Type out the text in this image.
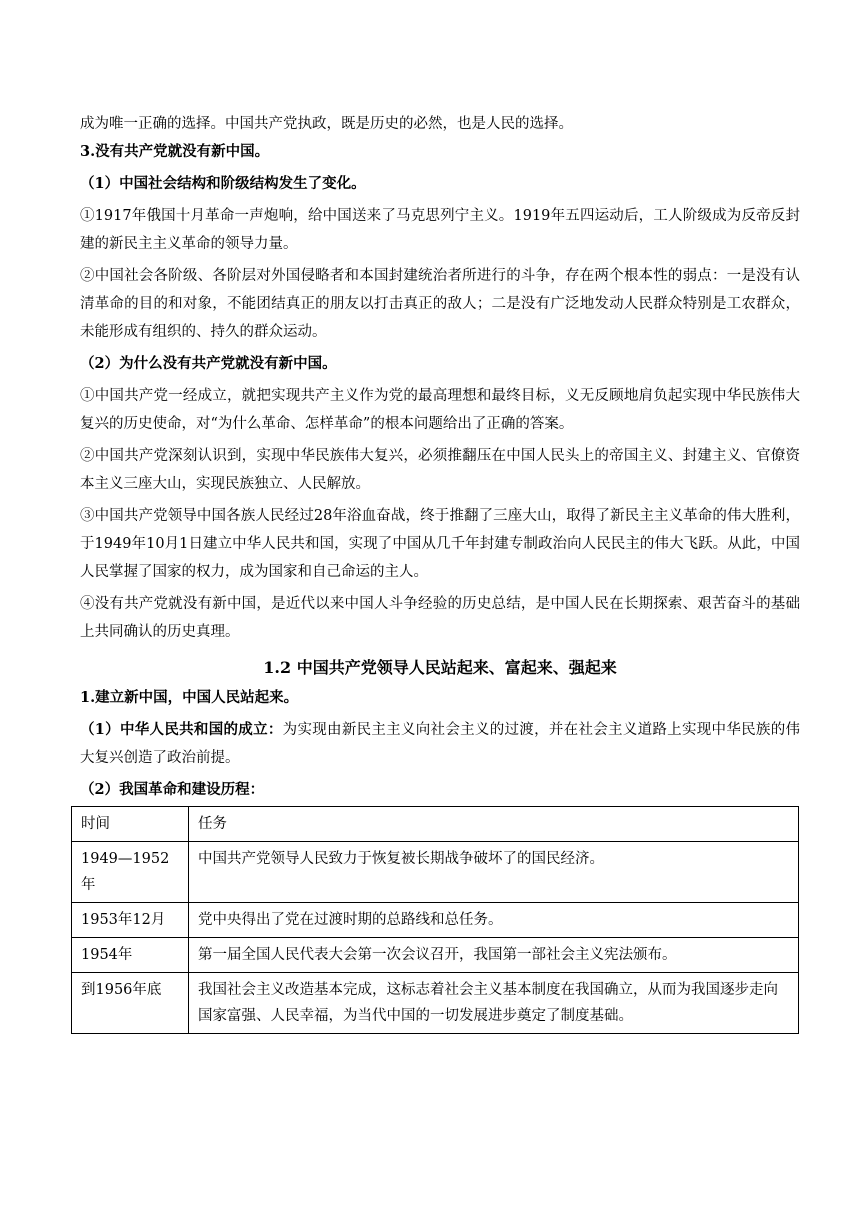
成为唯一正确的选择。中国共产党执政，既是历史的必然，也是人民的选择。

3.没有共产党就没有新中国。

（1）中国社会结构和阶级结构发生了变化。

①1917年俄国十月革命一声炮响，给中国送来了马克思列宁主义。1919年五四运动后，工人阶级成为反帝反封建的新民主主义革命的领导力量。

②中国社会各阶级、各阶层对外国侵略者和本国封建统治者所进行的斗争，存在两个根本性的弱点：一是没有认清革命的目的和对象，不能团结真正的朋友以打击真正的敌人；二是没有广泛地发动人民群众特别是工农群众，未能形成有组织的、持久的群众运动。

（2）为什么没有共产党就没有新中国。

①中国共产党一经成立，就把实现共产主义作为党的最高理想和最终目标，义无反顾地肩负起实现中华民族伟大复兴的历史使命，对“为什么革命、怎样革命”的根本问题给出了正确的答案。

②中国共产党深刻认识到，实现中华民族伟大复兴，必须推翻压在中国人民头上的帝国主义、封建主义、官僚资本主义三座大山，实现民族独立、人民解放。

③中国共产党领导中国各族人民经过28年浴血奋战，终于推翻了三座大山，取得了新民主主义革命的伟大胜利，于1949年10月1日建立中华人民共和国，实现了中国从几千年封建专制政治向人民民主的伟大飞跃。从此，中国人民掌握了国家的权力，成为国家和自己命运的主人。

④没有共产党就没有新中国，是近代以来中国人斗争经验的历史总结，是中国人民在长期探索、艰苦奋斗的基础上共同确认的历史真理。

1.2 中国共产党领导人民站起来、富起来、强起来

1.建立新中国，中国人民站起来。

（1）中华人民共和国的成立：为实现由新民主主义向社会主义的过渡，并在社会主义道路上实现中华民族的伟大复兴创造了政治前提。

（2）我国革命和建设历程：

时间	任务
1949—1952年	中国共产党领导人民致力于恢复被长期战争破坏了的国民经济。
1953年12月	党中央得出了党在过渡时期的总路线和总任务。
1954年	第一届全国人民代表大会第一次会议召开，我国第一部社会主义宪法颁布。
到1956年底	我国社会主义改造基本完成，这标志着社会主义基本制度在我国确立，从而为我国逐步走向国家富强、人民幸福，为当代中国的一切发展进步奠定了制度基础。
